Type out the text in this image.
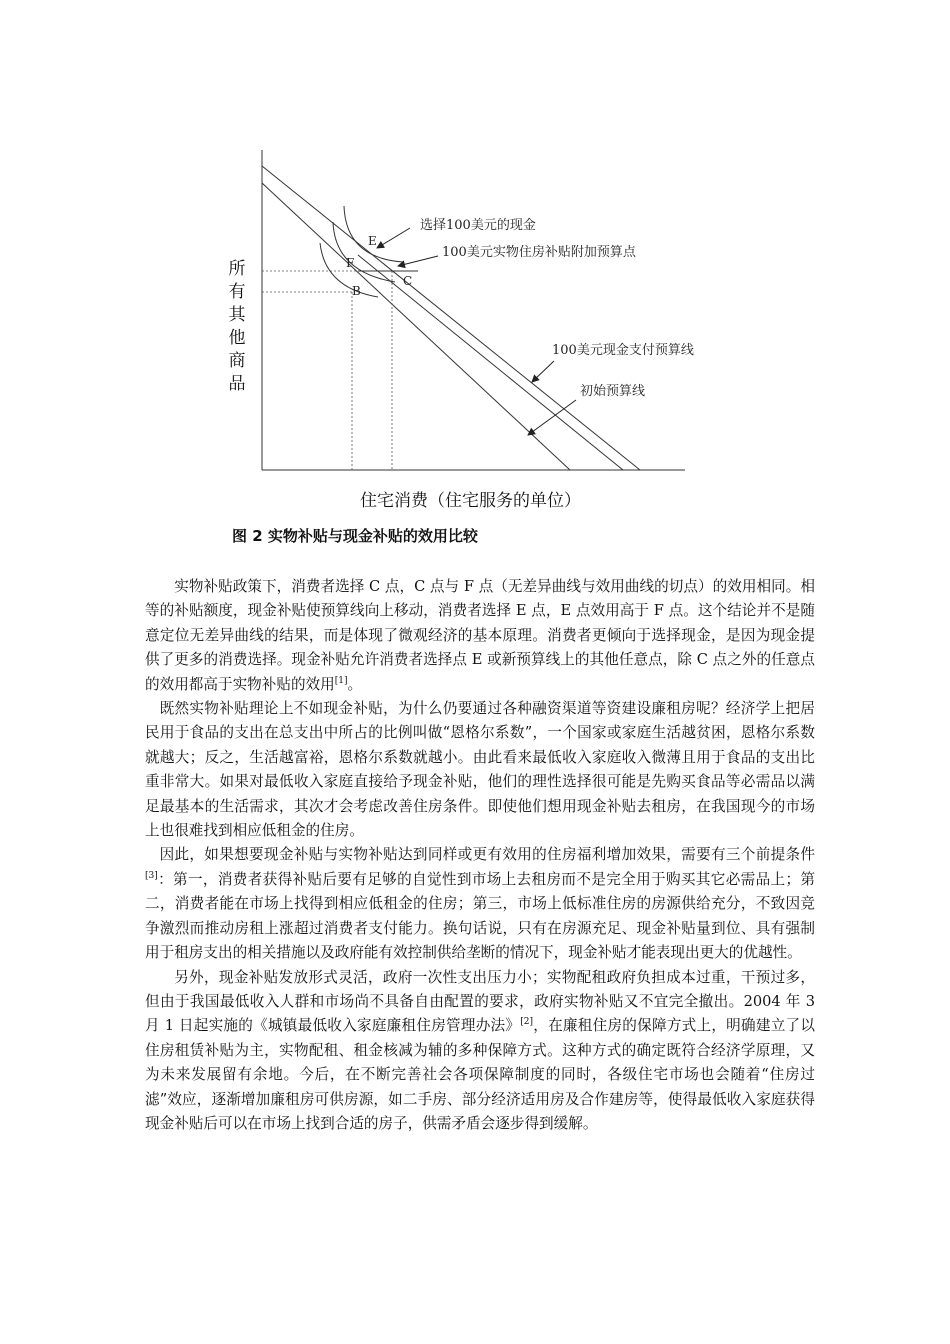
E
F
C
B
选择100美元的现金
100美元实物住房补贴附加预算点
100美元现金支付预算线
初始预算线
所有其他商品
住宅消费（住宅服务的单位）
图 2 实物补贴与现金补贴的效用比较

实物补贴政策下，消费者选择 C 点，C 点与 F 点（无差异曲线与效用曲线的切点）的效用相同。相等的补贴额度，现金补贴使预算线向上移动，消费者选择 E 点，E 点效用高于 F 点。这个结论并不是随意定位无差异曲线的结果，而是体现了微观经济的基本原理。消费者更倾向于选择现金，是因为现金提供了更多的消费选择。现金补贴允许消费者选择点 E 或新预算线上的其他任意点，除 C 点之外的任意点的效用都高于实物补贴的效用[1]。

既然实物补贴理论上不如现金补贴，为什么仍要通过各种融资渠道等资建设廉租房呢？经济学上把居民用于食品的支出在总支出中所占的比例叫做“恩格尔系数”，一个国家或家庭生活越贫困，恩格尔系数就越大；反之，生活越富裕，恩格尔系数就越小。由此看来最低收入家庭收入微薄且用于食品的支出比重非常大。如果对最低收入家庭直接给予现金补贴，他们的理性选择很可能是先购买食品等必需品以满足最基本的生活需求，其次才会考虑改善住房条件。即使他们想用现金补贴去租房，在我国现今的市场上也很难找到相应低租金的住房。

因此，如果想要现金补贴与实物补贴达到同样或更有效用的住房福利增加效果，需要有三个前提条件[3]：第一，消费者获得补贴后要有足够的自觉性到市场上去租房而不是完全用于购买其它必需品上；第二，消费者能在市场上找得到相应低租金的住房；第三，市场上低标准住房的房源供给充分，不致因竞争激烈而推动房租上涨超过消费者支付能力。换句话说，只有在房源充足、现金补贴量到位、具有强制用于租房支出的相关措施以及政府能有效控制供给垄断的情况下，现金补贴才能表现出更大的优越性。

另外，现金补贴发放形式灵活，政府一次性支出压力小；实物配租政府负担成本过重，干预过多，但由于我国最低收入人群和市场尚不具备自由配置的要求，政府实物补贴又不宜完全撤出。2004 年 3 月 1 日起实施的《城镇最低收入家庭廉租住房管理办法》[2]，在廉租住房的保障方式上，明确建立了以住房租赁补贴为主，实物配租、租金核减为辅的多种保障方式。这种方式的确定既符合经济学原理，又为未来发展留有余地。今后，在不断完善社会各项保障制度的同时，各级住宅市场也会随着“住房过滤”效应，逐渐增加廉租房可供房源，如二手房、部分经济适用房及合作建房等，使得最低收入家庭获得现金补贴后可以在市场上找到合适的房子，供需矛盾会逐步得到缓解。
